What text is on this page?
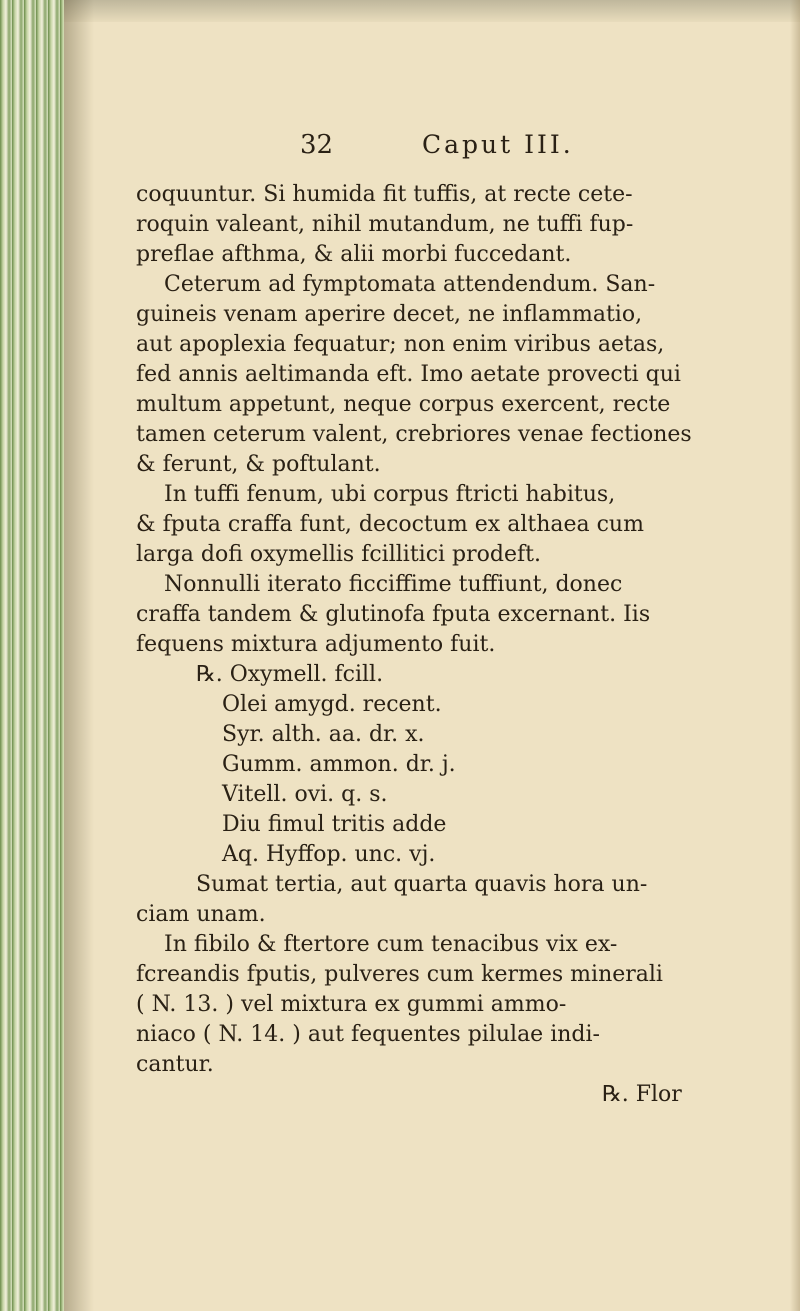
32	Caput III.
coquuntur. Si humida fit tuffis, at recte cete-
roquin valeant, nihil mutandum, ne tuffi fup-
preflae afthma, & alii morbi fuccedant.
Ceterum ad fymptomata attendendum. San-
guineis venam aperire decet, ne inflammatio,
aut apoplexia fequatur; non enim viribus aetas,
fed annis aeltimanda eft. Imo aetate provecti qui
multum appetunt, neque corpus exercent, recte
tamen ceterum valent, crebriores venae fectiones
& ferunt, & poftulant.
In tuffi fenum, ubi corpus ftricti habitus,
& fputa craffa funt, decoctum ex althaea cum
larga dofi oxymellis fcillitici prodeft.
Nonnulli iterato ficciffime tuffiunt, donec
craffa tandem & glutinofa fputa excernant. Iis
fequens mixtura adjumento fuit.
℞. Oxymell. fcill.
Olei amygd. recent.
Syr. alth. aa. dr. x.
Gumm. ammon. dr. j.
Vitell. ovi. q. s.
Diu fimul tritis adde
Aq. Hyffop. unc. vj.
Sumat tertia, aut quarta quavis hora un-
ciam unam.
In fibilo & ftertore cum tenacibus vix ex-
fcreandis fputis, pulveres cum kermes minerali
( N. 13. ) vel mixtura ex gummi ammo-
niaco ( N. 14. ) aut fequentes pilulae indi-
cantur.
℞. Flor
